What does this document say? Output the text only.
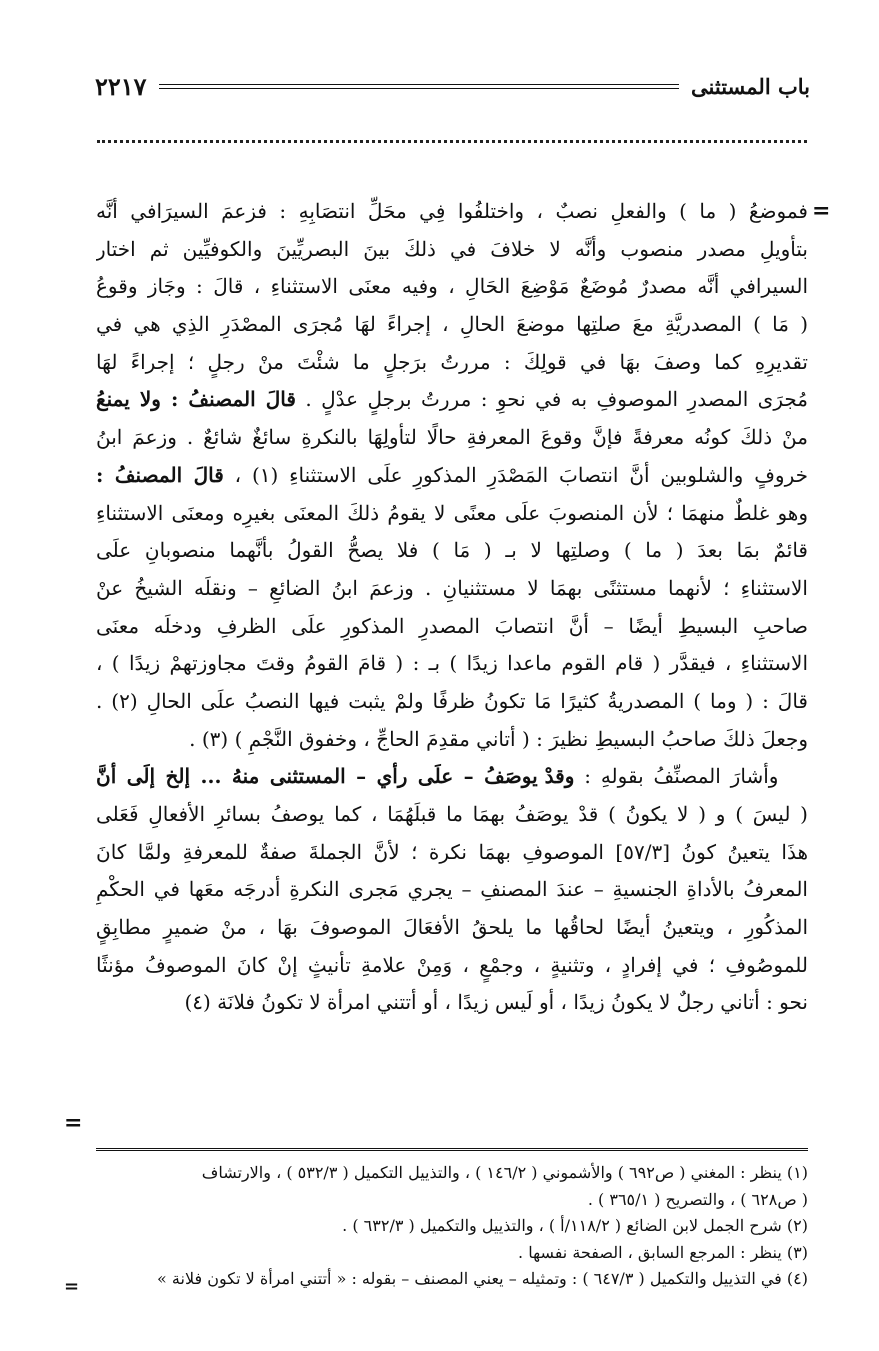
باب المستثنى
٢٢١٧
=
فموضعُ ( ما ) والفعلِ نصبٌ ، واختلفُوا فِي محَلِّ انتصَابِهِ : فزعمَ السيرَافي أنَّه
بتأويلِ مصدر منصوب وأنَّه لا خلافَ في ذلكَ بينَ البصريِّينَ والكوفيِّين ثم اختار
السيرافي أنَّه مصدرٌ مُوضَعٌ مَوْضِعَ الحَالِ ، وفيه معنَى الاستثناءِ ، قالَ : وجَاز وقوعُ
( مَا ) المصدريَّةِ معَ صلتِها موضعَ الحالِ ، إجراءً لهَا مُجرَى المصْدَرِ الذِي هي في
تقديرِهِ كما وصفَ بهَا في قولِكَ : مررتُ برَجلٍ ما شئْتَ منْ رجلٍ ؛ إجراءً لهَا
مُجرَى المصدرِ الموصوفِ به في نحوِ : مررتُ برجلٍ عدْلٍ . قالَ المصنفُ : ولا يمنعُ
منْ ذلكَ كونُه معرفةً فإنَّ وقوعَ المعرفةِ حالًا لتأولِهَا بالنكرةِ سائغٌ شائعٌ . وزعمَ ابنُ
خروفٍ والشلوبين أنَّ انتصابَ المَصْدَرِ المذكورِ علَى الاستثناءِ (١) ، قالَ المصنفُ :
وهو غلطٌ منهمَا ؛ لأن المنصوبَ علَى معنًى لا يقومُ ذلكَ المعنَى بغيرِه ومعنَى الاستثناءِ
قائمٌ بمَا بعدَ ( ما ) وصلتِها لا بـ ( مَا ) فلا يصحُّ القولُ بأنَّهما منصوبانِ علَى
الاستثناءِ ؛ لأنهما مستثنًى بهمَا لا مستثنيانِ . وزعمَ ابنُ الضائعِ – ونقلَه الشيخُ عنْ
صاحبِ البسيطِ أيضًا – أنَّ انتصابَ المصدرِ المذكورِ علَى الظرفِ ودخلَه معنَى
الاستثناءِ ، فيقدَّر ( قام القوم ماعدا زيدًا ) بـ : ( قامَ القومُ وقتَ مجاوزتهمْ زيدًا ) ،
قالَ : ( وما ) المصدريةُ كثيرًا مَا تكونُ ظرفًا ولمْ يثبت فيها النصبُ علَى الحالِ (٢) .
وجعلَ ذلكَ صاحبُ البسيطِ نظيرَ : ( أتاني مقدِمَ الحاجِّ ، وخفوق النَّجْمِ ) (٣) .
وأشارَ المصنِّفُ بقولهِ : وقدْ يوصَفُ – علَى رأي – المستثنى منهُ ... إلخ إلَى أنَّ
( ليسَ ) و ( لا يكونُ ) قدْ يوصَفُ بهمَا ما قبلَهُمَا ، كما يوصفُ بسائرِ الأفعالِ فَعَلى
هذَا يتعينُ كونُ [٥٧/٣] الموصوفِ بهمَا نكرة ؛ لأنَّ الجملةَ صفةٌ للمعرفةِ ولمَّا كانَ
المعرفُ بالأداةِ الجنسيةِ – عندَ المصنفِ – يجري مَجرى النكرةِ أدرجَه معَها في الحكْمِ
المذكُورِ ، ويتعينُ أيضًا لحاقُها ما يلحقُ الأفعَالَ الموصوفَ بهَا ، منْ ضميرٍ مطابِقٍ
للموصُوفِ ؛ في إفرادٍ ، وتثنيةٍ ، وجمْعٍ ، وَمِنْ علامةِ تأنيثٍ إنْ كانَ الموصوفُ مؤنثًا
نحو : أتاني رجلٌ لا يكونُ زيدًا ، أو لَيس زيدًا ، أو أتتني امرأة لا تكونُ فلانَة (٤)
=
(١) ينظر : المغني ( ص٦٩٢ ) والأشموني ( ١٤٦/٢ ) ، والتذييل التكميل ( ٥٣٢/٣ ) ، والارتشاف
( ص٦٢٨ ) ، والتصريح ( ٣٦٥/١ ) .
(٢) شرح الجمل لابن الضائع ( ١١٨/٢/أ ) ، والتذييل والتكميل ( ٦٣٢/٣ ) .
(٣) ينظر : المرجع السابق ، الصفحة نفسها .
(٤) في التذييل والتكميل ( ٦٤٧/٣ ) : وتمثيله – يعني المصنف – بقوله : « أتتني امرأة لا تكون فلانة »
=
